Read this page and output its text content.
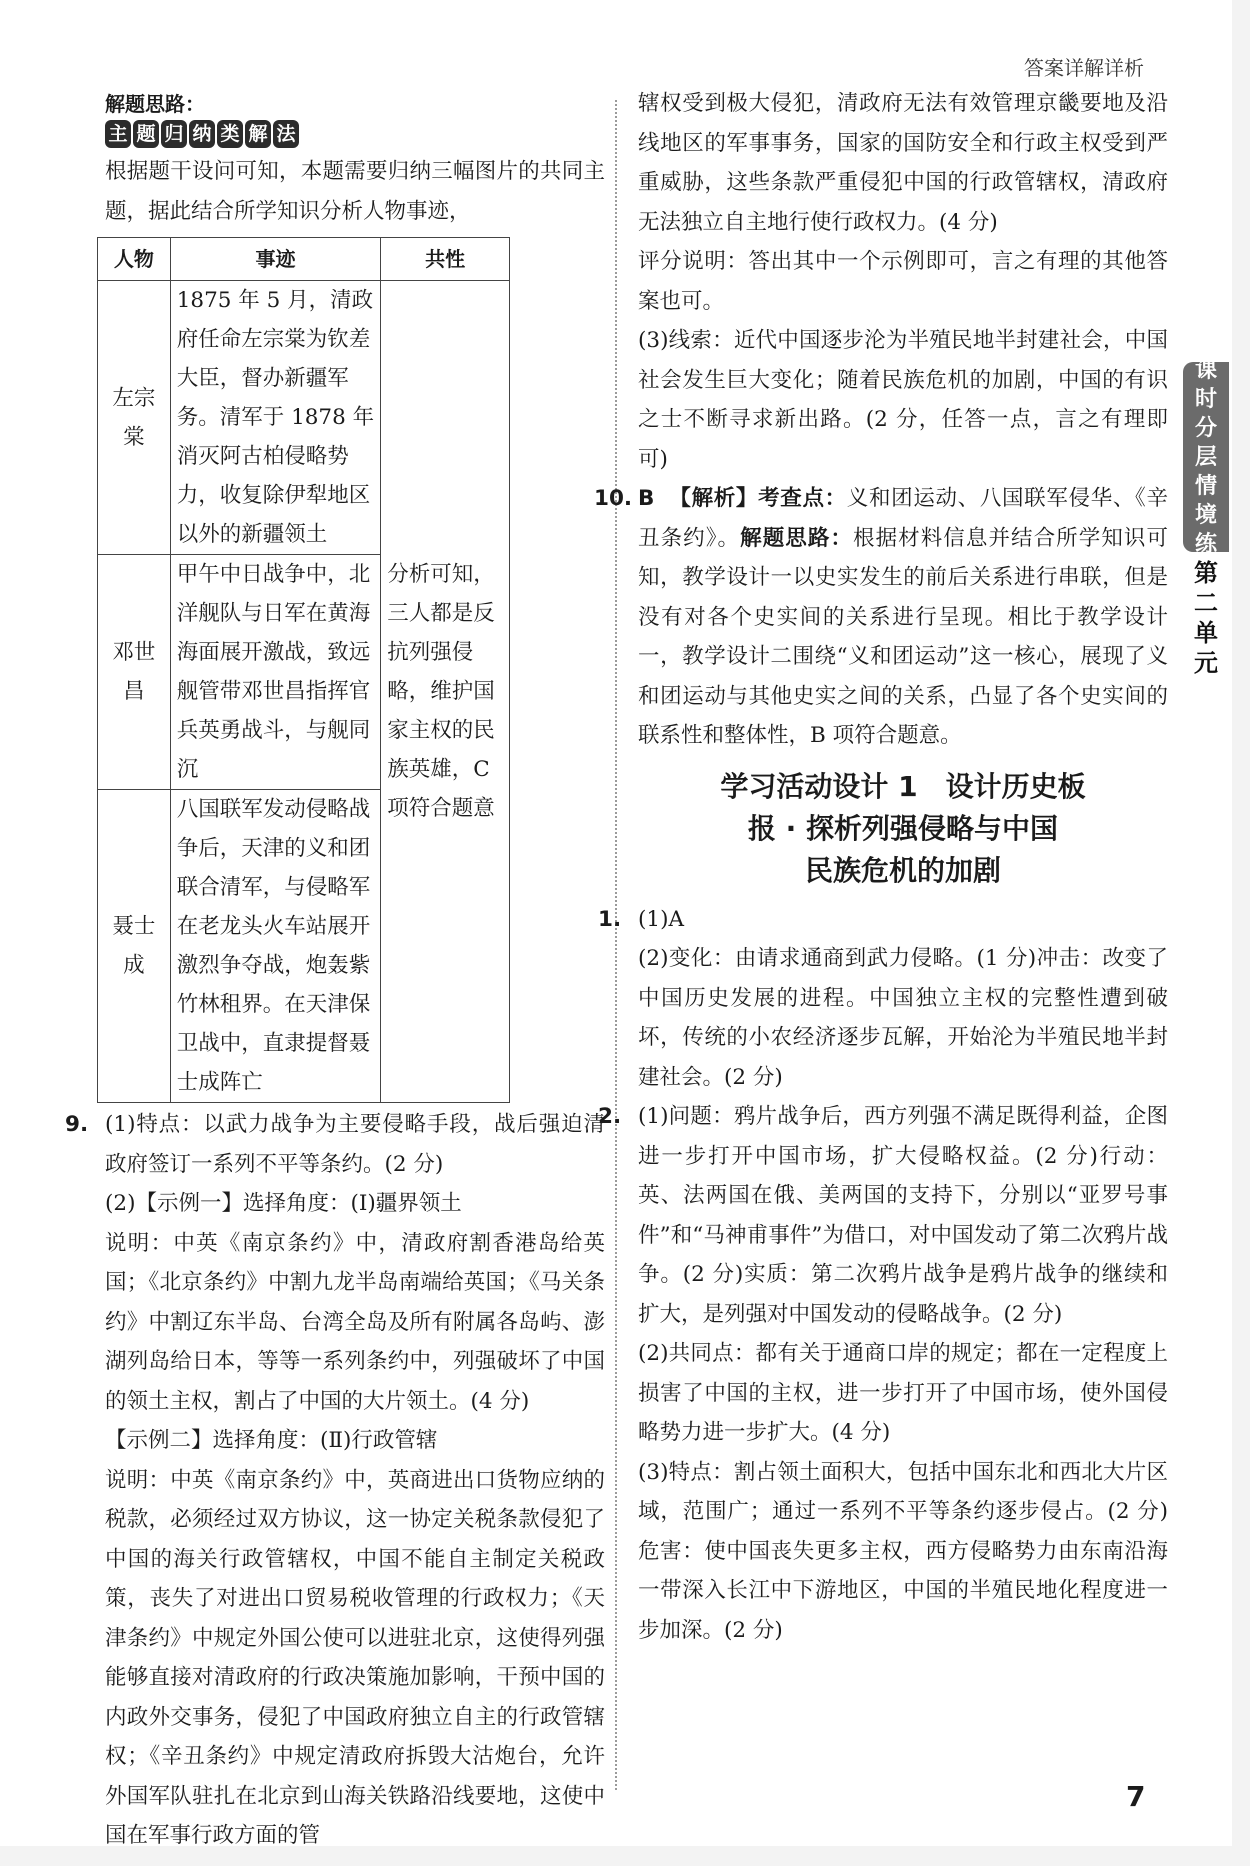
答案详解详析
解题思路：
主 题 归 纳 类 解 法

根据题干设问可知，本题需要归纳三幅图片的共同主题，据此结合所学知识分析人物事迹，

人物	事迹	共性
左宗棠	1875 年 5 月，清政府任命左宗棠为钦差大臣，督办新疆军务。清军于 1878 年消灭阿古柏侵略势力，收复除伊犁地区以外的新疆领土	分析可知，三人都是反抗列强侵略，维护国家主权的民族英雄，C 项符合题意
邓世昌	甲午中日战争中，北洋舰队与日军在黄海海面展开激战，致远舰管带邓世昌指挥官兵英勇战斗，与舰同沉	
聂士成	八国联军发动侵略战争后，天津的义和团联合清军，与侵略军在老龙头火车站展开激烈争夺战，炮轰紫竹林租界。在天津保卫战中，直隶提督聂士成阵亡	

9. (1)特点：以武力战争为主要侵略手段，战后强迫清政府签订一系列不平等条约。(2 分)

(2)【示例一】选择角度：(Ⅰ)疆界领土

说明：中英《南京条约》中，清政府割香港岛给英国；《北京条约》中割九龙半岛南端给英国；《马关条约》中割辽东半岛、台湾全岛及所有附属各岛屿、澎湖列岛给日本，等等一系列条约中，列强破坏了中国的领土主权，割占了中国的大片领土。(4 分)

【示例二】选择角度：(Ⅱ)行政管辖

说明：中英《南京条约》中，英商进出口货物应纳的税款，必须经过双方协议，这一协定关税条款侵犯了中国的海关行政管辖权，中国不能自主制定关税政策，丧失了对进出口贸易税收管理的行政权力；《天津条约》中规定外国公使可以进驻北京，这使得列强能够直接对清政府的行政决策施加影响，干预中国的内政外交事务，侵犯了中国政府独立自主的行政管辖权；《辛丑条约》中规定清政府拆毁大沽炮台，允许外国军队驻扎在北京到山海关铁路沿线要地，这使中国在军事行政方面的管

辖权受到极大侵犯，清政府无法有效管理京畿要地及沿线地区的军事事务，国家的国防安全和行政主权受到严重威胁，这些条款严重侵犯中国的行政管辖权，清政府无法独立自主地行使行政权力。(4 分)

评分说明：答出其中一个示例即可，言之有理的其他答案也可。

(3)线索：近代中国逐步沦为半殖民地半封建社会，中国社会发生巨大变化；随着民族危机的加剧，中国的有识之士不断寻求新出路。(2 分，任答一点，言之有理即可)

10. B 【解析】考查点：义和团运动、八国联军侵华、《辛丑条约》。解题思路：根据材料信息并结合所学知识可知，教学设计一以史实发生的前后关系进行串联，但是没有对各个史实间的关系进行呈现。相比于教学设计一，教学设计二围绕“义和团运动”这一核心，展现了义和团运动与其他史实之间的关系，凸显了各个史实间的联系性和整体性，B 项符合题意。

学习活动设计 1　设计历史板
报 · 探析列强侵略与中国
民族危机的加剧

1. (1)A

(2)变化：由请求通商到武力侵略。(1 分)冲击：改变了中国历史发展的进程。中国独立主权的完整性遭到破坏，传统的小农经济逐步瓦解，开始沦为半殖民地半封建社会。(2 分)

2. (1)问题：鸦片战争后，西方列强不满足既得利益，企图进一步打开中国市场，扩大侵略权益。(2 分)行动：英、法两国在俄、美两国的支持下，分别以“亚罗号事件”和“马神甫事件”为借口，对中国发动了第二次鸦片战争。(2 分)实质：第二次鸦片战争是鸦片战争的继续和扩大，是列强对中国发动的侵略战争。(2 分)

(2)共同点：都有关于通商口岸的规定；都在一定程度上损害了中国的主权，进一步打开了中国市场，使外国侵略势力进一步扩大。(4 分)

(3)特点：割占领土面积大，包括中国东北和西北大片区域，范围广；通过一系列不平等条约逐步侵占。(2 分)危害：使中国丧失更多主权，西方侵略势力由东南沿海一带深入长江中下游地区，中国的半殖民地化程度进一步加深。(2 分)

课
时
分
层
情
境
练
第
二
单
元
7
